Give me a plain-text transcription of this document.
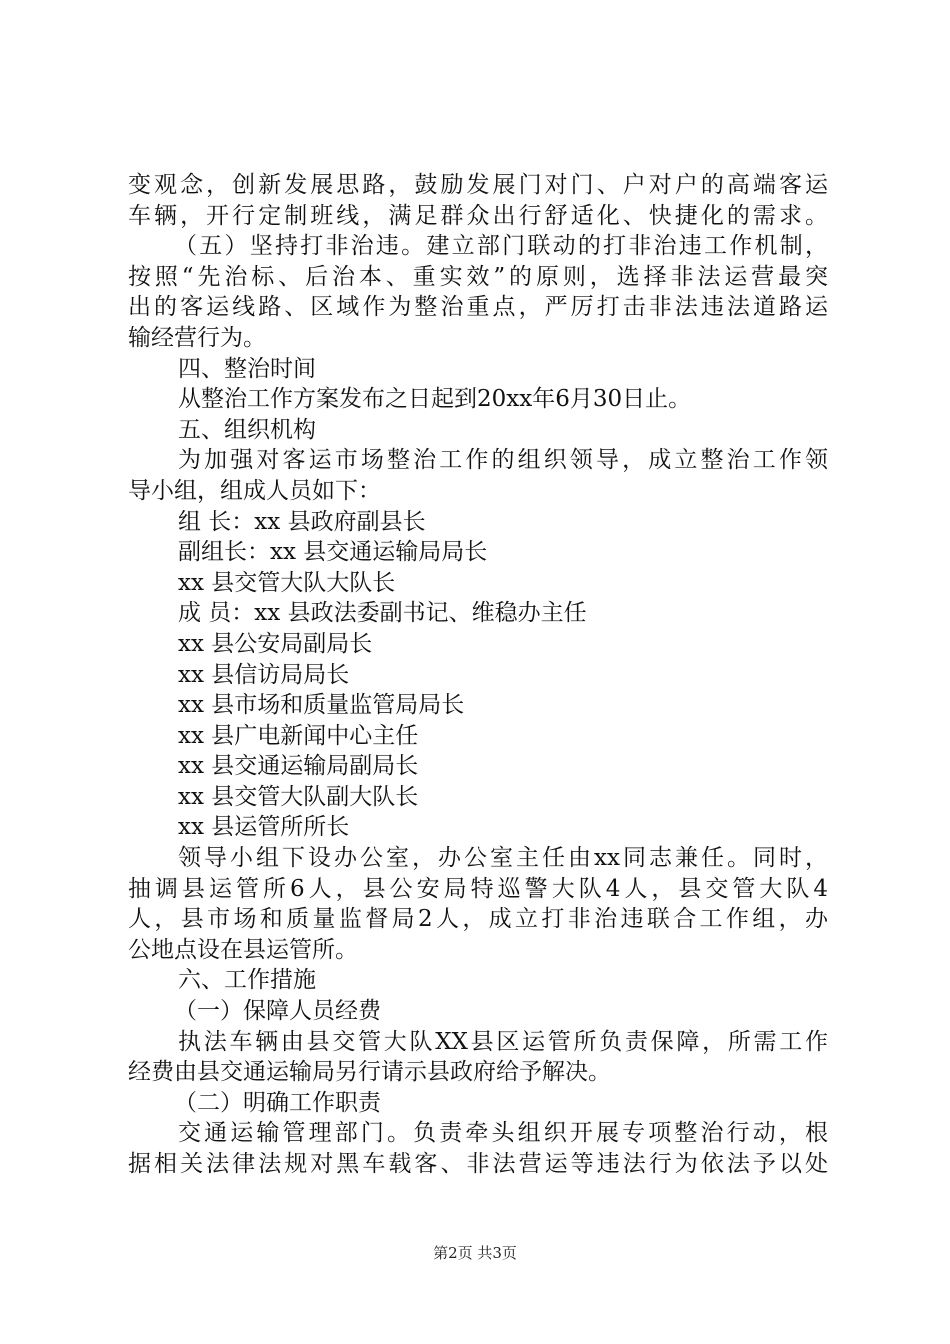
变观念，创新发展思路，鼓励发展门对门、户对户的高端客运
车辆，开行定制班线，满足群众出行舒适化、快捷化的需求。
（五）坚持打非治违。建立部门联动的打非治违工作机制，
按照“先治标、后治本、重实效”的原则，选择非法运营最突
出的客运线路、区域作为整治重点，严厉打击非法违法道路运
输经营行为。
四、整治时间
从整治工作方案发布之日起到20xx年6月30日止。
五、组织机构
为加强对客运市场整治工作的组织领导，成立整治工作领
导小组，组成人员如下：
组 长：xx 县政府副县长
副组长：xx 县交通运输局局长
xx 县交管大队大队长
成 员：xx 县政法委副书记、维稳办主任
xx 县公安局副局长
xx 县信访局局长
xx 县市场和质量监管局局长
xx 县广电新闻中心主任
xx 县交通运输局副局长
xx 县交管大队副大队长
xx 县运管所所长
领导小组下设办公室，办公室主任由xx同志兼任。同时，
抽调县运管所6人，县公安局特巡警大队4人，县交管大队4
人，县市场和质量监督局2人，成立打非治违联合工作组，办
公地点设在县运管所。
六、工作措施
（一）保障人员经费
执法车辆由县交管大队XX县区运管所负责保障，所需工作
经费由县交通运输局另行请示县政府给予解决。
（二）明确工作职责
交通运输管理部门。负责牵头组织开展专项整治行动，根
据相关法律法规对黑车载客、非法营运等违法行为依法予以处
第2页 共3页
